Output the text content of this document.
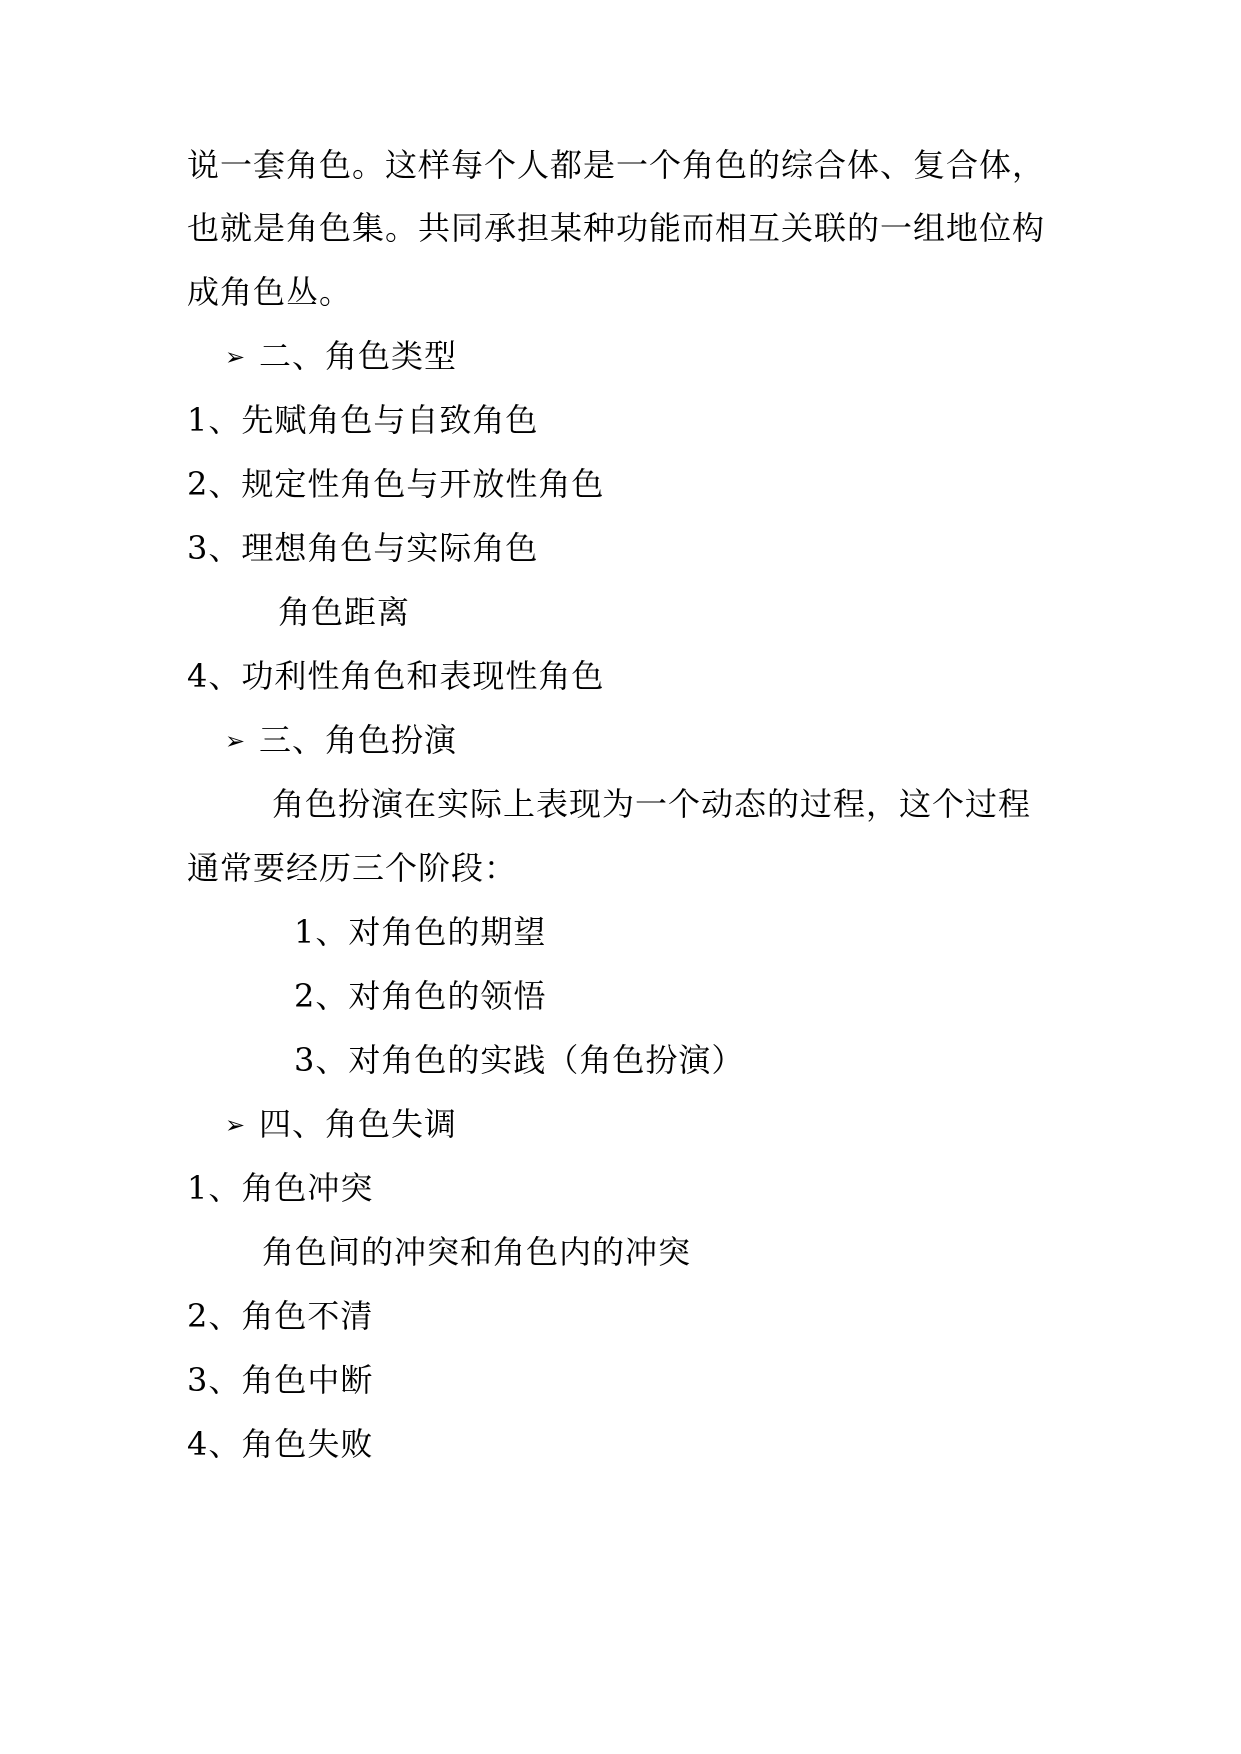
说一套角色。这样每个人都是一个角色的综合体、复合体，
也就是角色集。共同承担某种功能而相互关联的一组地位构
成角色丛。
➢ 二、角色类型
1、先赋角色与自致角色
2、规定性角色与开放性角色
3、理想角色与实际角色
角色距离
4、功利性角色和表现性角色
➢ 三、角色扮演
角色扮演在实际上表现为一个动态的过程，这个过程
通常要经历三个阶段：
1、对角色的期望
2、对角色的领悟
3、对角色的实践（角色扮演）
➢ 四、角色失调
1、角色冲突
角色间的冲突和角色内的冲突
2、角色不清
3、角色中断
4、角色失败
